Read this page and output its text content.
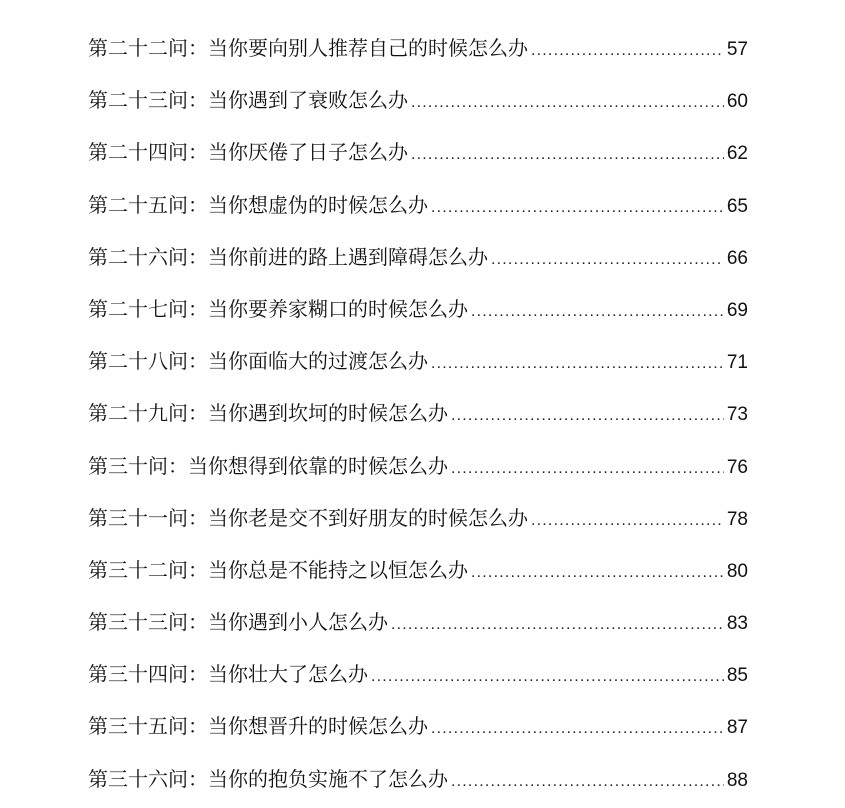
第二十二问：当你要向别人推荐自己的时候怎么办 .....	57
第二十三问：当你遇到了衰败怎么办 .....	60
第二十四问：当你厌倦了日子怎么办 .....	62
第二十五问：当你想虚伪的时候怎么办 .....	65
第二十六问：当你前进的路上遇到障碍怎么办 .....	66
第二十七问：当你要养家糊口的时候怎么办 .....	69
第二十八问：当你面临大的过渡怎么办 .....	71
第二十九问：当你遇到坎坷的时候怎么办 .....	73
第三十问：当你想得到依靠的时候怎么办 .....	76
第三十一问：当你老是交不到好朋友的时候怎么办 .....	78
第三十二问：当你总是不能持之以恒怎么办 .....	80
第三十三问：当你遇到小人怎么办 .....	83
第三十四问：当你壮大了怎么办 .....	85
第三十五问：当你想晋升的时候怎么办 .....	87
第三十六问：当你的抱负实施不了怎么办 .....	88
